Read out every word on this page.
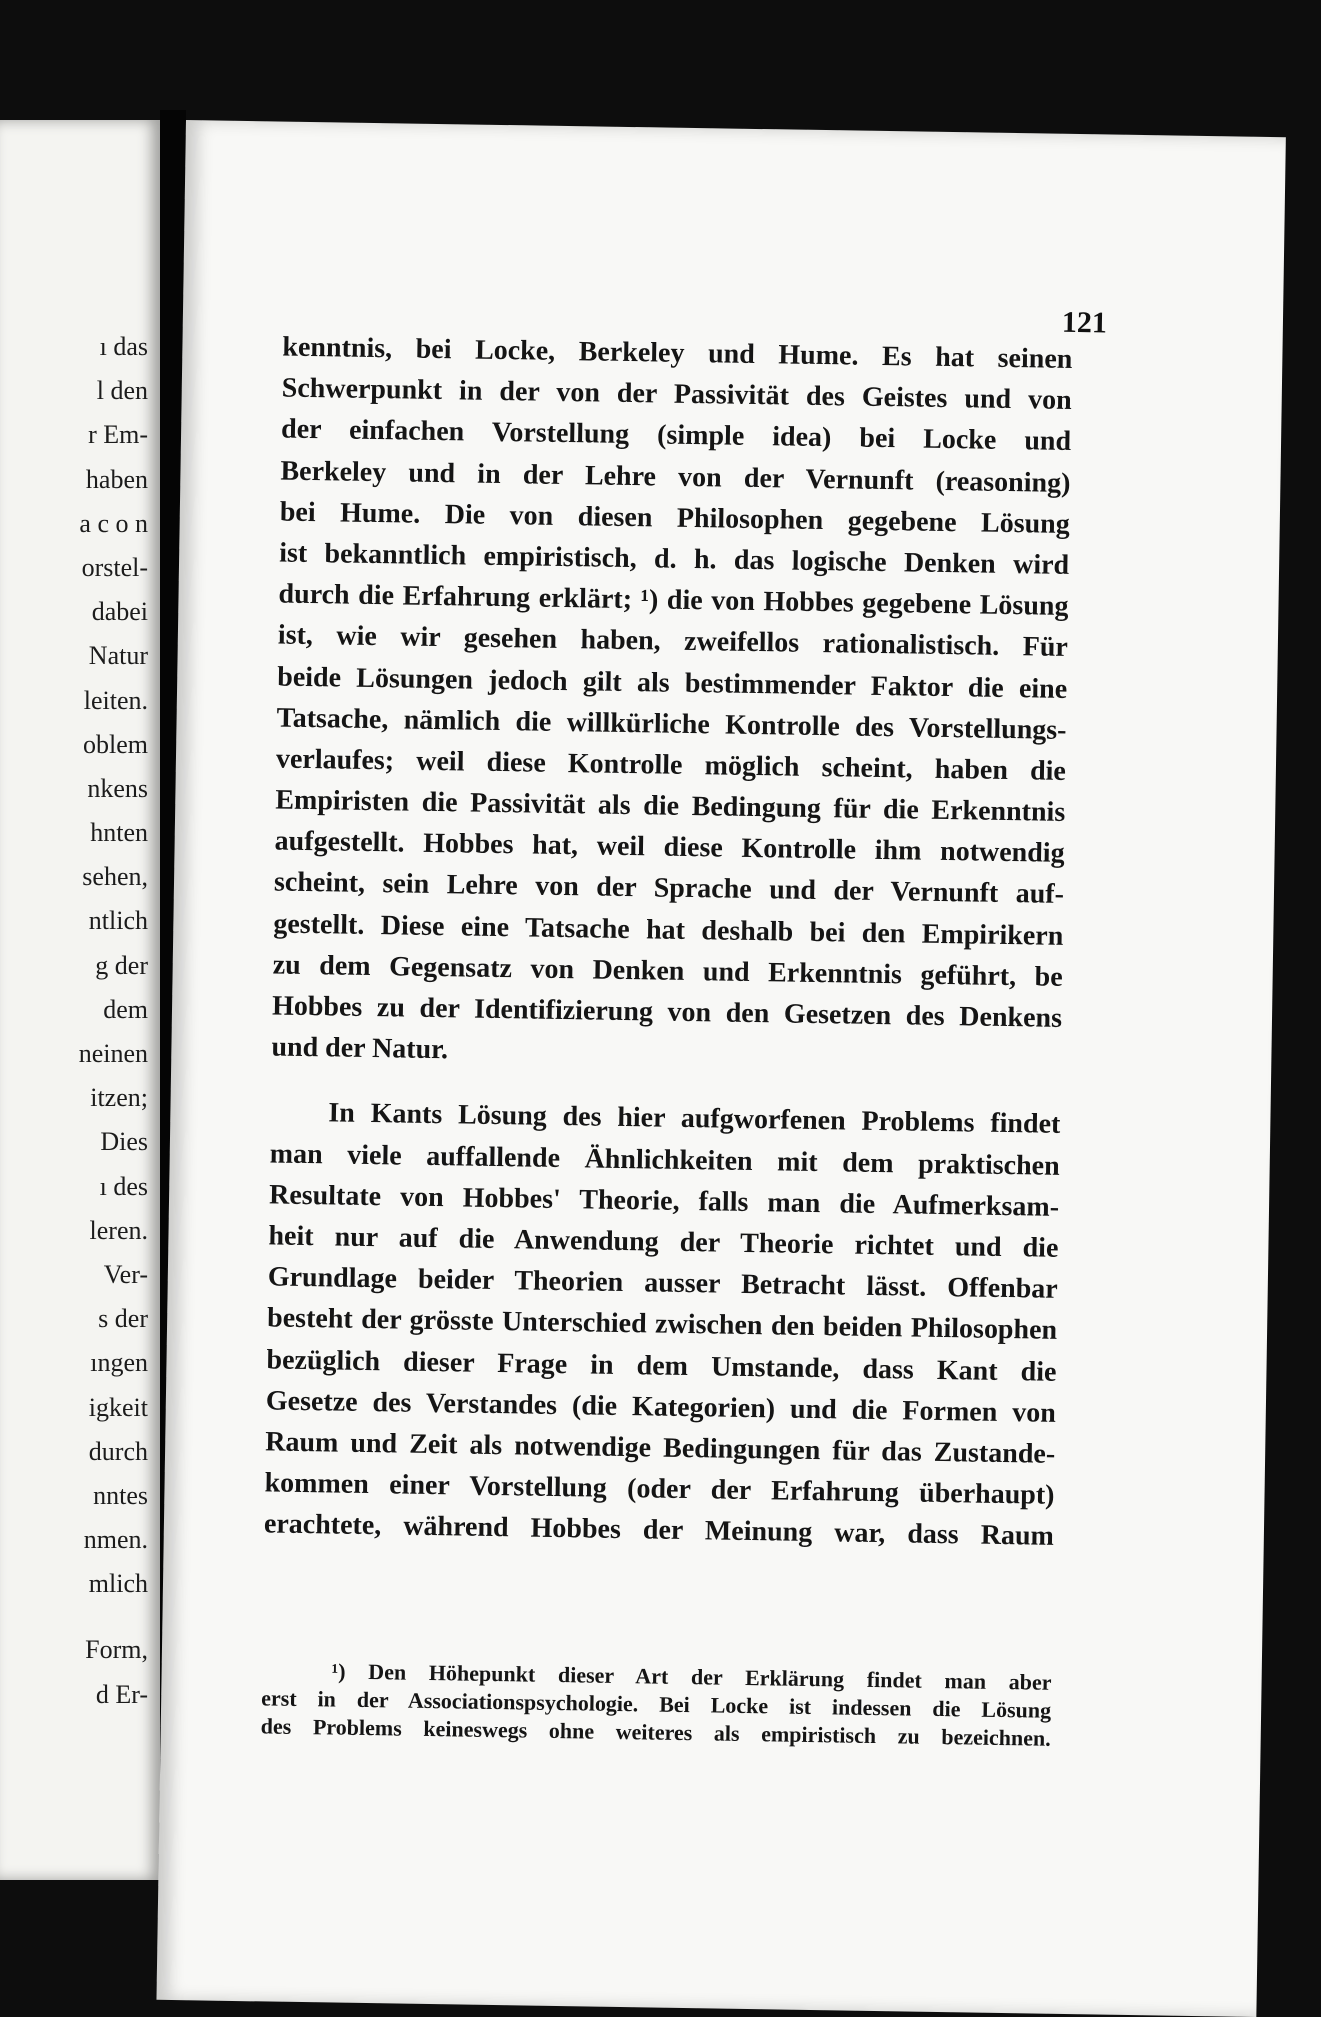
ı das
l den
r Em-
haben
a c o n
orstel-
dabei
Natur
leiten.
oblem
nkens
hnten
sehen,
ntlich
g der
dem
neinen
itzen;
Dies
ı des
leren.
Ver-
s der
ıngen
igkeit
durch
nntes
nmen.
mlich
Form,
d Er-
121
kenntnis, bei Locke, Berkeley und Hume. Es hat seinen
Schwerpunkt in der von der Passivität des Geistes und von
der einfachen Vorstellung (simple idea) bei Locke und
Berkeley und in der Lehre von der Vernunft (reasoning)
bei Hume. Die von diesen Philosophen gegebene Lösung
ist bekanntlich empiristisch, d. h. das logische Denken wird
durch die Erfahrung erklärt; ¹) die von Hobbes gegebene Lösung
ist, wie wir gesehen haben, zweifellos rationalistisch. Für
beide Lösungen jedoch gilt als bestimmender Faktor die eine
Tatsache, nämlich die willkürliche Kontrolle des Vorstellungs-
verlaufes; weil diese Kontrolle möglich scheint, haben die
Empiristen die Passivität als die Bedingung für die Erkenntnis
aufgestellt. Hobbes hat, weil diese Kontrolle ihm notwendig
scheint, sein Lehre von der Sprache und der Vernunft auf-
gestellt. Diese eine Tatsache hat deshalb bei den Empirikern
zu dem Gegensatz von Denken und Erkenntnis geführt, be
Hobbes zu der Identifizierung von den Gesetzen des Denkens
und der Natur.
In Kants Lösung des hier aufgworfenen Problems findet
man viele auffallende Ähnlichkeiten mit dem praktischen
Resultate von Hobbes' Theorie, falls man die Aufmerksam-
heit nur auf die Anwendung der Theorie richtet und die
Grundlage beider Theorien ausser Betracht lässt. Offenbar
besteht der grösste Unterschied zwischen den beiden Philosophen
bezüglich dieser Frage in dem Umstande, dass Kant die
Gesetze des Verstandes (die Kategorien) und die Formen von
Raum und Zeit als notwendige Bedingungen für das Zustande-
kommen einer Vorstellung (oder der Erfahrung überhaupt)
erachtete, während Hobbes der Meinung war, dass Raum
¹) Den Höhepunkt dieser Art der Erklärung findet man aber
erst in der Associationspsychologie. Bei Locke ist indessen die Lösung
des Problems keineswegs ohne weiteres als empiristisch zu bezeichnen.
